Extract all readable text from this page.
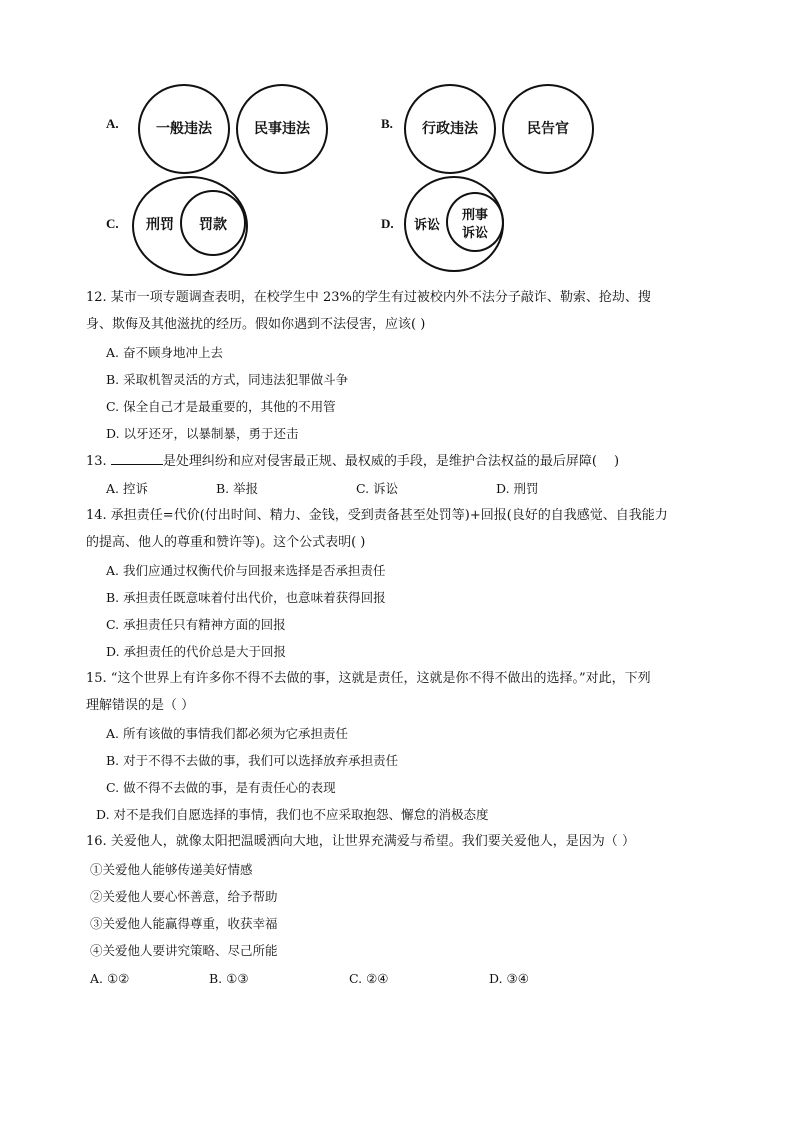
A.	一般违法	民事违法	B.	行政违法	民告官
C.	刑罚	罚款	D.	诉讼
刑事
诉讼
12. 某市一项专题调查表明，在校学生中 23%的学生有过被校内外不法分子敲诈、勒索、抢劫、搜
身、欺侮及其他滋扰的经历。假如你遇到不法侵害，应该( )
A. 奋不顾身地冲上去
B. 采取机智灵活的方式，同违法犯罪做斗争
C. 保全自己才是最重要的，其他的不用管
D. 以牙还牙，以暴制暴，勇于还击
13.	是处理纠纷和应对侵害最正规、最权威的手段，是维护合法权益的最后屏障(　 )
A. 控诉	B. 举报	C. 诉讼	D. 刑罚
14. 承担责任=代价(付出时间、精力、金钱，受到责备甚至处罚等)+回报(良好的自我感觉、自我能力
的提高、他人的尊重和赞许等)。这个公式表明( )
A. 我们应通过权衡代价与回报来选择是否承担责任
B. 承担责任既意味着付出代价，也意味着获得回报
C. 承担责任只有精神方面的回报
D. 承担责任的代价总是大于回报
15. “这个世界上有许多你不得不去做的事，这就是责任，这就是你不得不做出的选择。”对此，下列
理解错误的是（ ）
A. 所有该做的事情我们都必须为它承担责任
B. 对于不得不去做的事，我们可以选择放弃承担责任
C. 做不得不去做的事，是有责任心的表现
D. 对不是我们自愿选择的事情，我们也不应采取抱怨、懈怠的消极态度
16. 关爱他人，就像太阳把温暖洒向大地，让世界充满爱与希望。我们要关爱他人，是因为（ ）
①关爱他人能够传递美好情感
②关爱他人要心怀善意，给予帮助
③关爱他人能赢得尊重，收获幸福
④关爱他人要讲究策略、尽己所能
A. ①②	B. ①③	C. ②④	D. ③④
